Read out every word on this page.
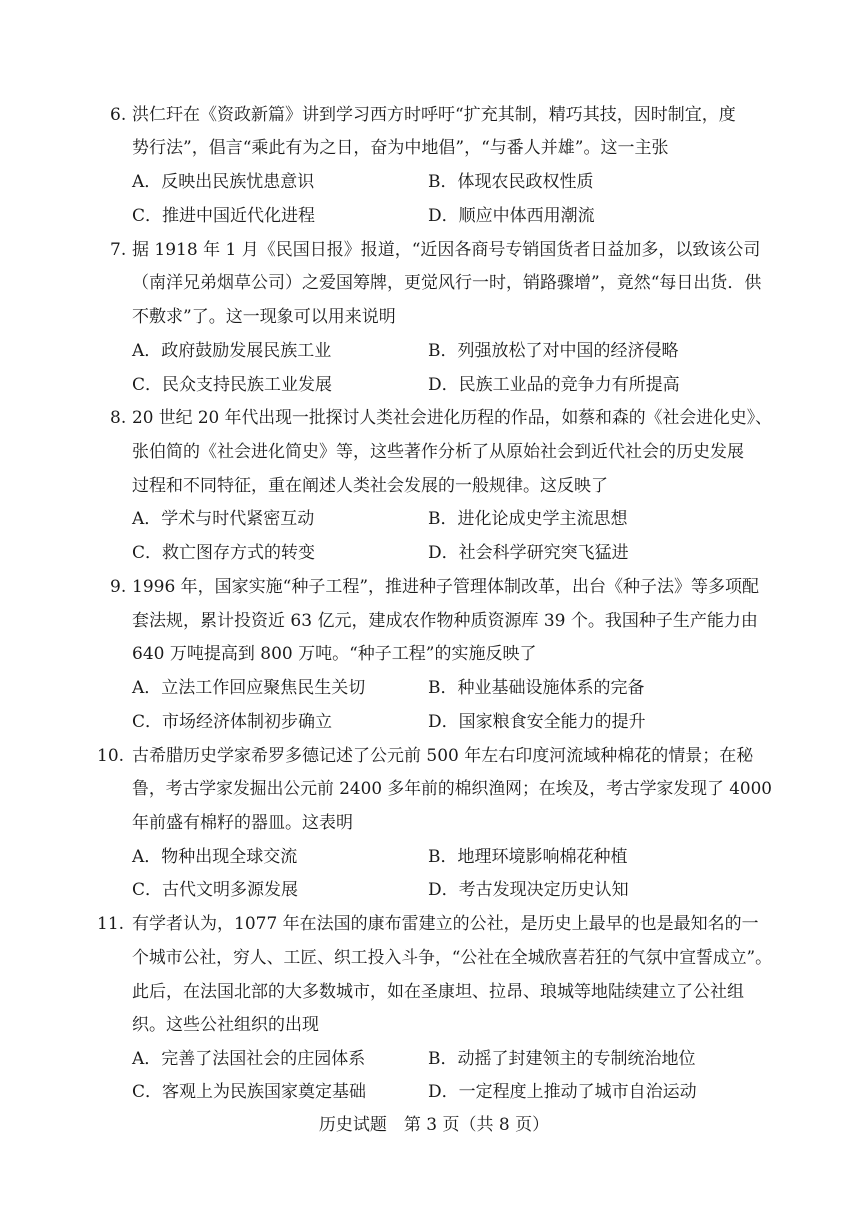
6. 洪仁玕在《资政新篇》讲到学习西方时呼吁“扩充其制，精巧其技，因时制宜，度
势行法”，倡言“乘此有为之日，奋为中地倡”，“与番人并雄”。这一主张
A．反映出民族忧患意识	B．体现农民政权性质
C．推进中国近代化进程	D．顺应中体西用潮流
7. 据 1918 年 1 月《民国日报》报道，“近因各商号专销国货者日益加多，以致该公司
（南洋兄弟烟草公司）之爱国筹牌，更觉风行一时，销路骤增”，竟然“每日出货．供
不敷求”了。这一现象可以用来说明
A．政府鼓励发展民族工业	B．列强放松了对中国的经济侵略
C．民众支持民族工业发展	D．民族工业品的竞争力有所提高
8. 20 世纪 20 年代出现一批探讨人类社会进化历程的作品，如蔡和森的《社会进化史》、
张伯简的《社会进化简史》等，这些著作分析了从原始社会到近代社会的历史发展
过程和不同特征，重在阐述人类社会发展的一般规律。这反映了
A．学术与时代紧密互动	B．进化论成史学主流思想
C．救亡图存方式的转变	D．社会科学研究突飞猛进
9. 1996 年，国家实施“种子工程”，推进种子管理体制改革，出台《种子法》等多项配
套法规，累计投资近 63 亿元，建成农作物种质资源库 39 个。我国种子生产能力由
640 万吨提高到 800 万吨。“种子工程”的实施反映了
A．立法工作回应聚焦民生关切	B．种业基础设施体系的完备
C．市场经济体制初步确立	D．国家粮食安全能力的提升
10. 古希腊历史学家希罗多德记述了公元前 500 年左右印度河流域种棉花的情景；在秘
鲁，考古学家发掘出公元前 2400 多年前的棉织渔网；在埃及，考古学家发现了 4000
年前盛有棉籽的器皿。这表明
A．物种出现全球交流	B．地理环境影响棉花种植
C．古代文明多源发展	D．考古发现决定历史认知
11. 有学者认为，1077 年在法国的康布雷建立的公社，是历史上最早的也是最知名的一
个城市公社，穷人、工匠、织工投入斗争，“公社在全城欣喜若狂的气氛中宣誓成立”。
此后，在法国北部的大多数城市，如在圣康坦、拉昂、琅城等地陆续建立了公社组
织。这些公社组织的出现
A．完善了法国社会的庄园体系	B．动摇了封建领主的专制统治地位
C．客观上为民族国家奠定基础	D．一定程度上推动了城市自治运动
历史试题　第 3 页（共 8 页）
